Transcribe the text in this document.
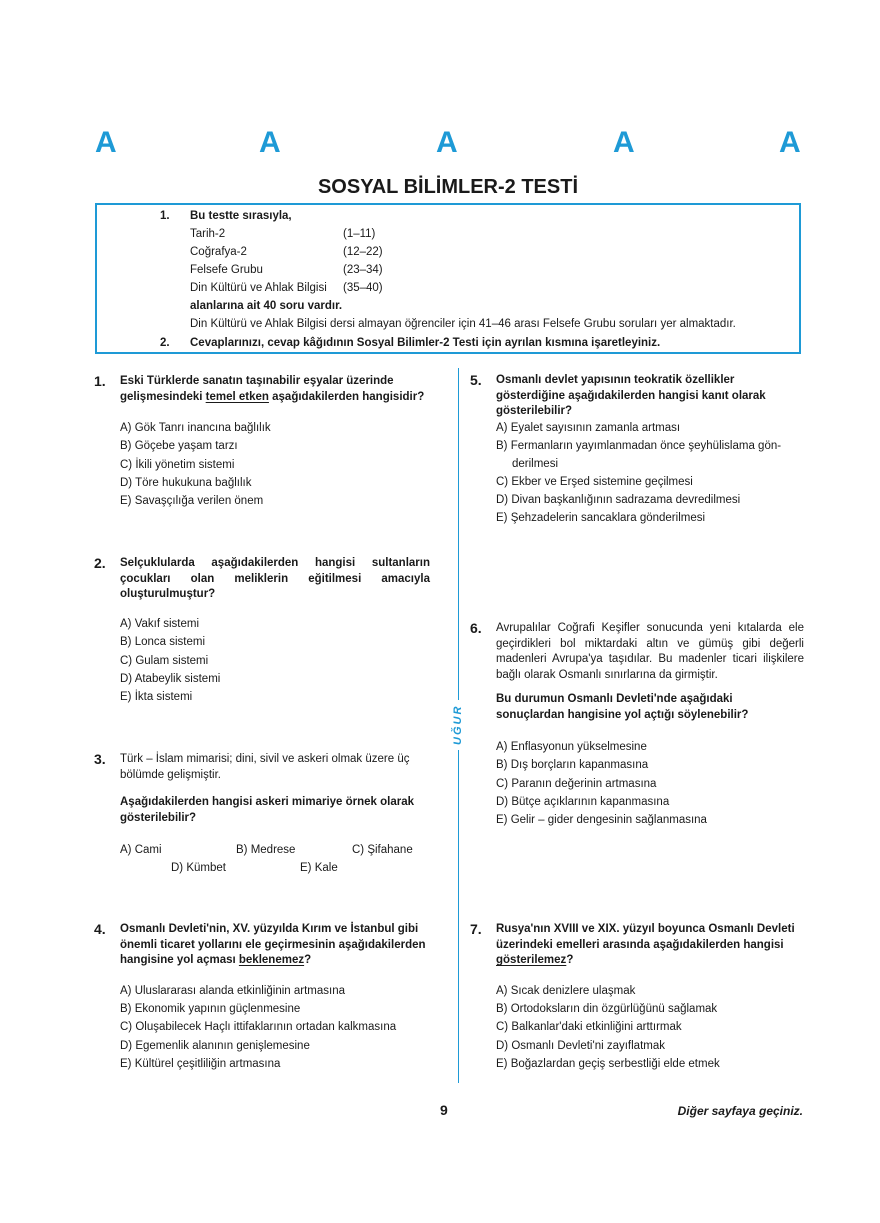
A	A	A	A	A
SOSYAL BİLİMLER-2 TESTİ
1. Bu testte sırasıyla,
Tarih-2	(1–11)
Coğrafya-2	(12–22)
Felsefe Grubu	(23–34)
Din Kültürü ve Ahlak Bilgisi (35–40)
alanlarına ait 40 soru vardır.
Din Kültürü ve Ahlak Bilgisi dersi almayan öğrenciler için 41–46 arası Felsefe Grubu soruları yer almaktadır.
2. Cevaplarınızı, cevap kâğıdının Sosyal Bilimler-2 Testi için ayrılan kısmına işaretleyiniz.
UĞUR
1. Eski Türklerde sanatın taşınabilir eşyalar üzerinde gelişmesindeki temel etken aşağıdakilerden hangisidir?
A) Gök Tanrı inancına bağlılık
B) Göçebe yaşam tarzı
C) İkili yönetim sistemi
D) Töre hukukuna bağlılık
E) Savaşçılığa verilen önem
2. Selçuklularda aşağıdakilerden hangisi sultanların çocukları olan meliklerin eğitilmesi amacıyla oluşturulmuştur?
A) Vakıf sistemi
B) Lonca sistemi
C) Gulam sistemi
D) Atabeylik sistemi
E) İkta sistemi
3. Türk – İslam mimarisi; dini, sivil ve askeri olmak üzere üç bölümde gelişmiştir.
Aşağıdakilerden hangisi askeri mimariye örnek olarak gösterilebilir?
A) Cami	B) Medrese	C) Şifahane
D) Kümbet	E) Kale
4. Osmanlı Devleti'nin, XV. yüzyılda Kırım ve İstanbul gibi önemli ticaret yollarını ele geçirmesinin aşağıdakilerden hangisine yol açması beklenemez?
A) Uluslararası alanda etkinliğinin artmasına
B) Ekonomik yapının güçlenmesine
C) Oluşabilecek Haçlı ittifaklarının ortadan kalkmasına
D) Egemenlik alanının genişlemesine
E) Kültürel çeşitliliğin artmasına
5. Osmanlı devlet yapısının teokratik özellikler gösterdiğine aşağıdakilerden hangisi kanıt olarak gösterilebilir?
A) Eyalet sayısının zamanla artması
B) Fermanların yayımlanmadan önce şeyhülislama gön-
derilmesi
C) Ekber ve Erşed sistemine geçilmesi
D) Divan başkanlığının sadrazama devredilmesi
E) Şehzadelerin sancaklara gönderilmesi
6. Avrupalılar Coğrafi Keşifler sonucunda yeni kıtalarda ele geçirdikleri bol miktardaki altın ve gümüş gibi değerli madenleri Avrupa'ya taşıdılar. Bu madenler ticari ilişkilere bağlı olarak Osmanlı sınırlarına da girmiştir.
Bu durumun Osmanlı Devleti'nde aşağıdaki sonuçlardan hangisine yol açtığı söylenebilir?
A) Enflasyonun yükselmesine
B) Dış borçların kapanmasına
C) Paranın değerinin artmasına
D) Bütçe açıklarının kapanmasına
E) Gelir – gider dengesinin sağlanmasına
7. Rusya'nın XVIII ve XIX. yüzyıl boyunca Osmanlı Devleti üzerindeki emelleri arasında aşağıdakilerden hangisi gösterilemez?
A) Sıcak denizlere ulaşmak
B) Ortodoksların din özgürlüğünü sağlamak
C) Balkanlar'daki etkinliğini arttırmak
D) Osmanlı Devleti'ni zayıflatmak
E) Boğazlardan geçiş serbestliği elde etmek
9	Diğer sayfaya geçiniz.
